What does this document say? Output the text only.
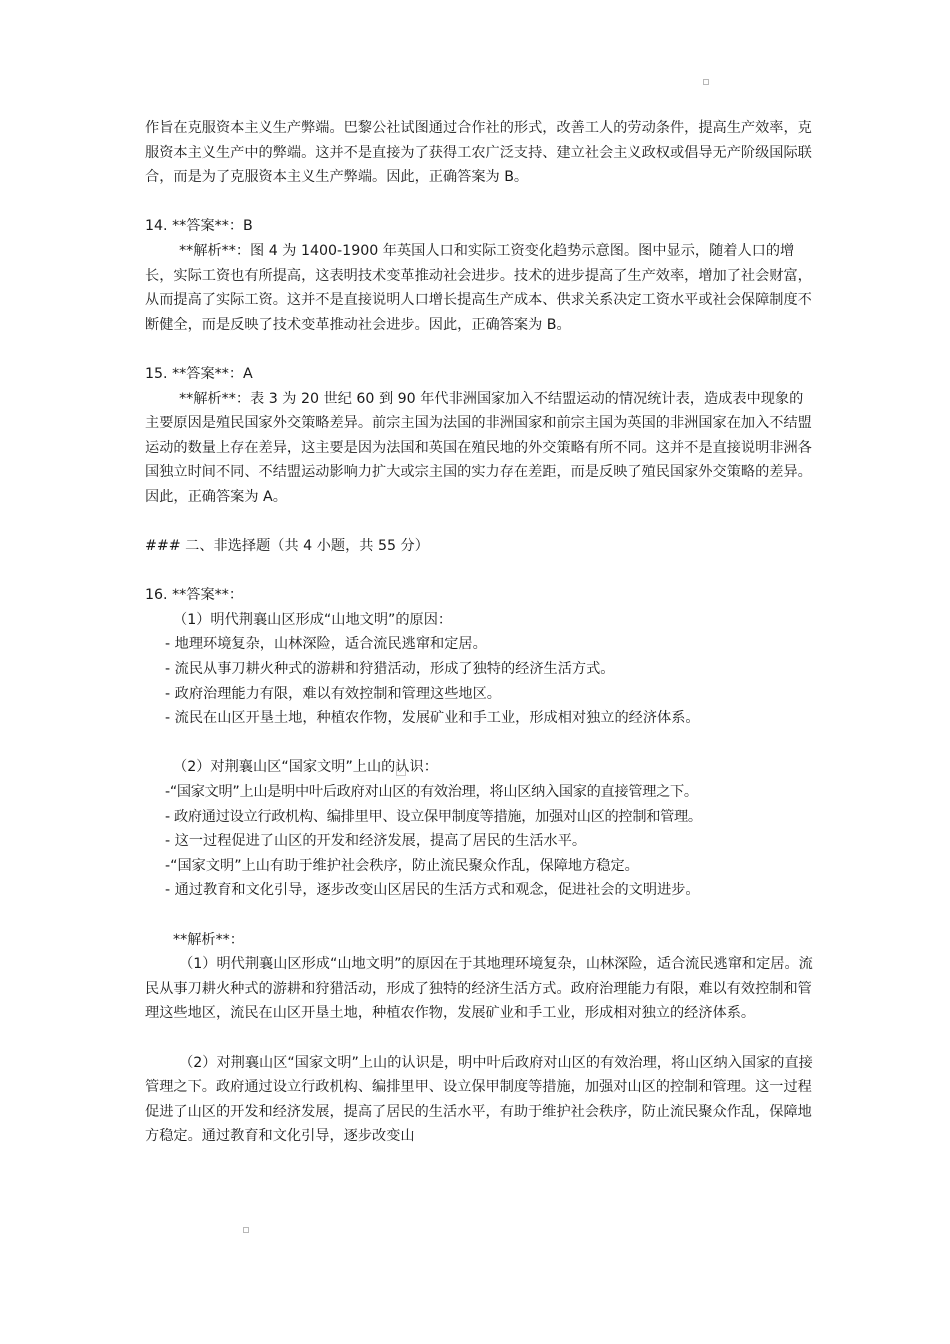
作旨在克服资本主义生产弊端。巴黎公社试图通过合作社的形式，改善工人的劳动条件，提高生产效率，克服资本主义生产中的弊端。这并不是直接为了获得工农广泛支持、建立社会主义政权或倡导无产阶级国际联合，而是为了克服资本主义生产弊端。因此，正确答案为 B。

14. **答案**：B

**解析**：图 4 为 1400-1900 年英国人口和实际工资变化趋势示意图。图中显示，随着人口的增长，实际工资也有所提高，这表明技术变革推动社会进步。技术的进步提高了生产效率，增加了社会财富，从而提高了实际工资。这并不是直接说明人口增长提高生产成本、供求关系决定工资水平或社会保障制度不断健全，而是反映了技术变革推动社会进步。因此，正确答案为 B。

15. **答案**：A

**解析**：表 3 为 20 世纪 60 到 90 年代非洲国家加入不结盟运动的情况统计表，造成表中现象的主要原因是殖民国家外交策略差异。前宗主国为法国的非洲国家和前宗主国为英国的非洲国家在加入不结盟运动的数量上存在差异，这主要是因为法国和英国在殖民地的外交策略有所不同。这并不是直接说明非洲各国独立时间不同、不结盟运动影响力扩大或宗主国的实力存在差距，而是反映了殖民国家外交策略的差异。因此，正确答案为 A。

### 二、非选择题（共 4 小题，共 55 分）

16. **答案**：

（1）明代荆襄山区形成“山地文明”的原因：

- 地理环境复杂，山林深险，适合流民逃窜和定居。

- 流民从事刀耕火种式的游耕和狩猎活动，形成了独特的经济生活方式。

- 政府治理能力有限，难以有效控制和管理这些地区。

- 流民在山区开垦土地，种植农作物，发展矿业和手工业，形成相对独立的经济体系。

（2）对荆襄山区“国家文明”上山的认识：

-“国家文明”上山是明中叶后政府对山区的有效治理，将山区纳入国家的直接管理之下。

- 政府通过设立行政机构、编排里甲、设立保甲制度等措施，加强对山区的控制和管理。

- 这一过程促进了山区的开发和经济发展，提高了居民的生活水平。

-“国家文明”上山有助于维护社会秩序，防止流民聚众作乱，保障地方稳定。

- 通过教育和文化引导，逐步改变山区居民的生活方式和观念，促进社会的文明进步。

**解析**：

（1）明代荆襄山区形成“山地文明”的原因在于其地理环境复杂，山林深险，适合流民逃窜和定居。流民从事刀耕火种式的游耕和狩猎活动，形成了独特的经济生活方式。政府治理能力有限，难以有效控制和管理这些地区，流民在山区开垦土地，种植农作物，发展矿业和手工业，形成相对独立的经济体系。

（2）对荆襄山区“国家文明”上山的认识是，明中叶后政府对山区的有效治理，将山区纳入国家的直接管理之下。政府通过设立行政机构、编排里甲、设立保甲制度等措施，加强对山区的控制和管理。这一过程促进了山区的开发和经济发展，提高了居民的生活水平，有助于维护社会秩序，防止流民聚众作乱，保障地方稳定。通过教育和文化引导，逐步改变山
